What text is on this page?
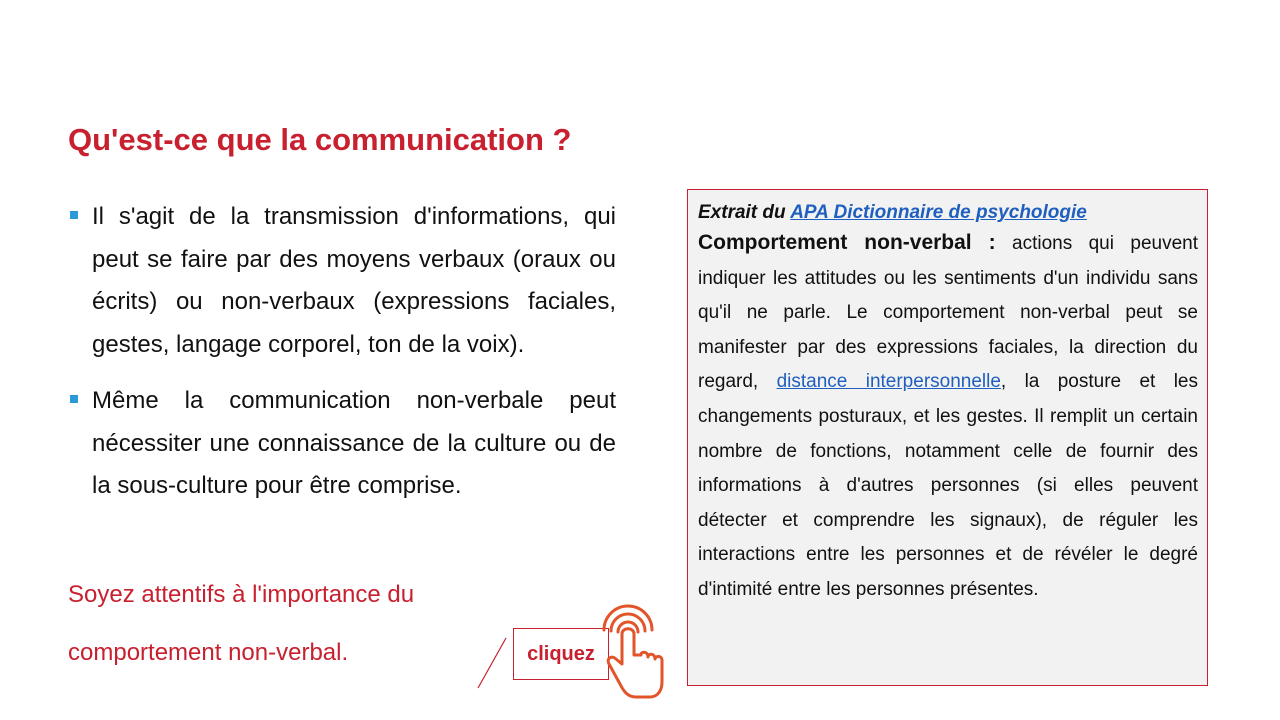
Qu'est-ce que la communication ?
Il s'agit de la transmission d'informations, qui peut se faire par des moyens verbaux (oraux ou écrits) ou non-verbaux (expressions faciales, gestes, langage corporel, ton de la voix).
Même la communication non-verbale peut nécessiter une connaissance de la culture ou de la sous-culture pour être comprise.
Soyez attentifs à l'importance du
comportement non-verbal.	cliquez
Extrait du APA Dictionnaire de psychologie

Comportement non-verbal : actions qui peuvent indiquer les attitudes ou les sentiments d'un individu sans qu'il ne parle. Le comportement non-verbal peut se manifester par des expressions faciales, la direction du regard, distance interpersonnelle, la posture et les changements posturaux, et les gestes. Il remplit un certain nombre de fonctions, notamment celle de fournir des informations à d'autres personnes (si elles peuvent détecter et comprendre les signaux), de réguler les interactions entre les personnes et de révéler le degré d'intimité entre les personnes présentes.
